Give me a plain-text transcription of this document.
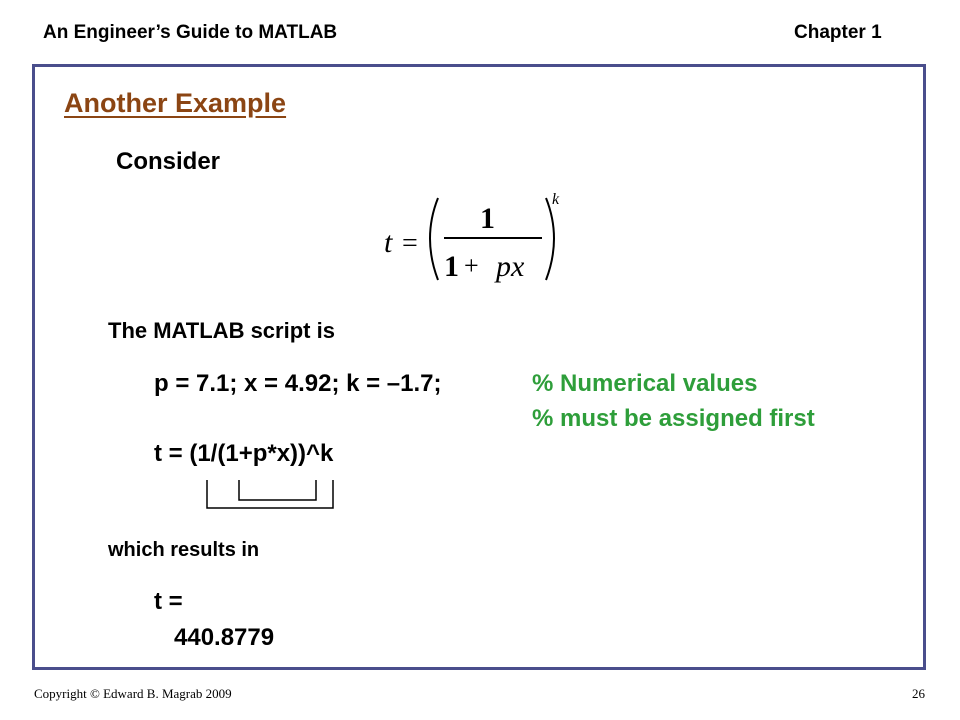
An Engineer’s Guide to MATLAB	Chapter 1
Another Example
Consider
t =
1
1 + px
k
The MATLAB script is
p = 7.1; x = 4.92; k = –1.7;	% Numerical values
% must be assigned first
t = (1/(1+p*x))^k
which results in
t =
440.8779
Copyright © Edward B. Magrab 2009	26
